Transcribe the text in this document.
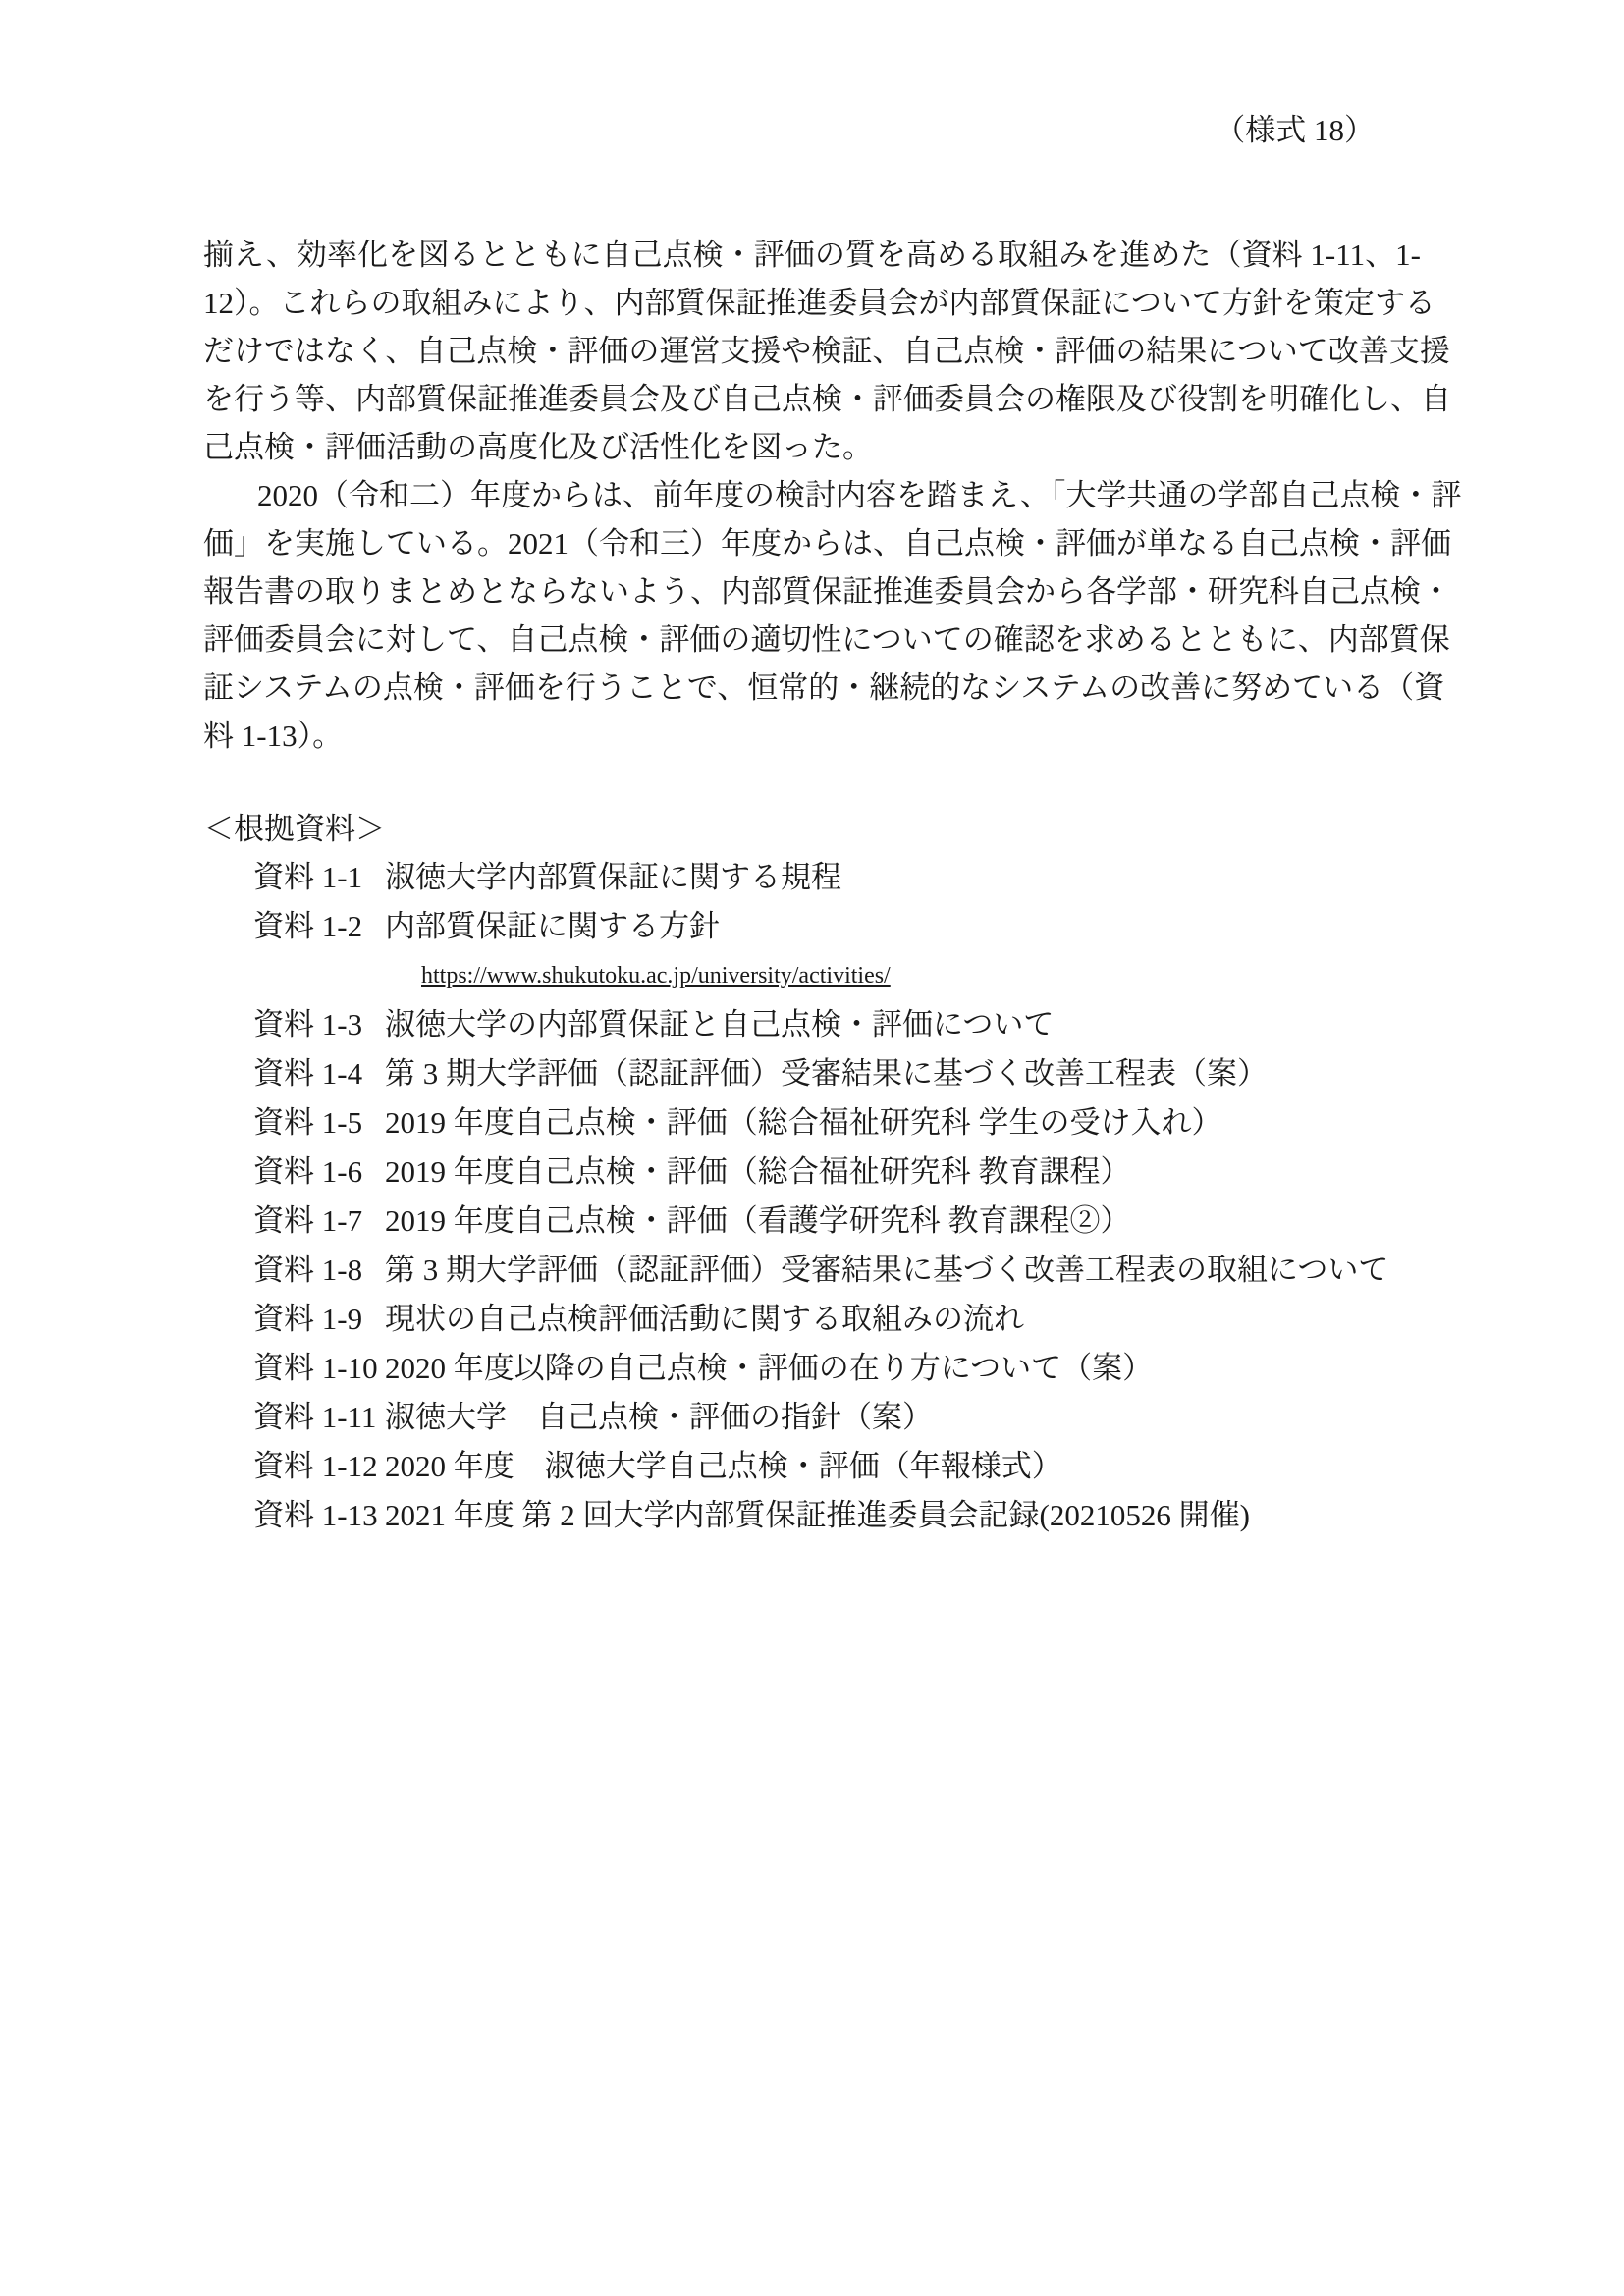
（様式 18）
揃え、効率化を図るとともに自己点検・評価の質を高める取組みを進めた（資料 1-11、1-
12）。これらの取組みにより、内部質保証推進委員会が内部質保証について方針を策定する
だけではなく、自己点検・評価の運営支援や検証、自己点検・評価の結果について改善支援
を行う等、内部質保証推進委員会及び自己点検・評価委員会の権限及び役割を明確化し、自
己点検・評価活動の高度化及び活性化を図った。
2020（令和二）年度からは、前年度の検討内容を踏まえ、「大学共通の学部自己点検・評
価」を実施している。2021（令和三）年度からは、自己点検・評価が単なる自己点検・評価
報告書の取りまとめとならないよう、内部質保証推進委員会から各学部・研究科自己点検・
評価委員会に対して、自己点検・評価の適切性についての確認を求めるとともに、内部質保
証システムの点検・評価を行うことで、恒常的・継続的なシステムの改善に努めている（資
料 1-13）。
＜根拠資料＞
資料 1-1 淑徳大学内部質保証に関する規程
資料 1-2 内部質保証に関する方針
https://www.shukutoku.ac.jp/university/activities/
資料 1-3 淑徳大学の内部質保証と自己点検・評価について
資料 1-4 第 3 期大学評価（認証評価）受審結果に基づく改善工程表（案）
資料 1-5 2019 年度自己点検・評価（総合福祉研究科 学生の受け入れ）
資料 1-6 2019 年度自己点検・評価（総合福祉研究科 教育課程）
資料 1-7 2019 年度自己点検・評価（看護学研究科 教育課程②）
資料 1-8 第 3 期大学評価（認証評価）受審結果に基づく改善工程表の取組について
資料 1-9 現状の自己点検評価活動に関する取組みの流れ
資料 1-10 2020 年度以降の自己点検・評価の在り方について（案）
資料 1-11 淑徳大学　自己点検・評価の指針（案）
資料 1-12 2020 年度　淑徳大学自己点検・評価（年報様式）
資料 1-13 2021 年度 第 2 回大学内部質保証推進委員会記録(20210526 開催)
